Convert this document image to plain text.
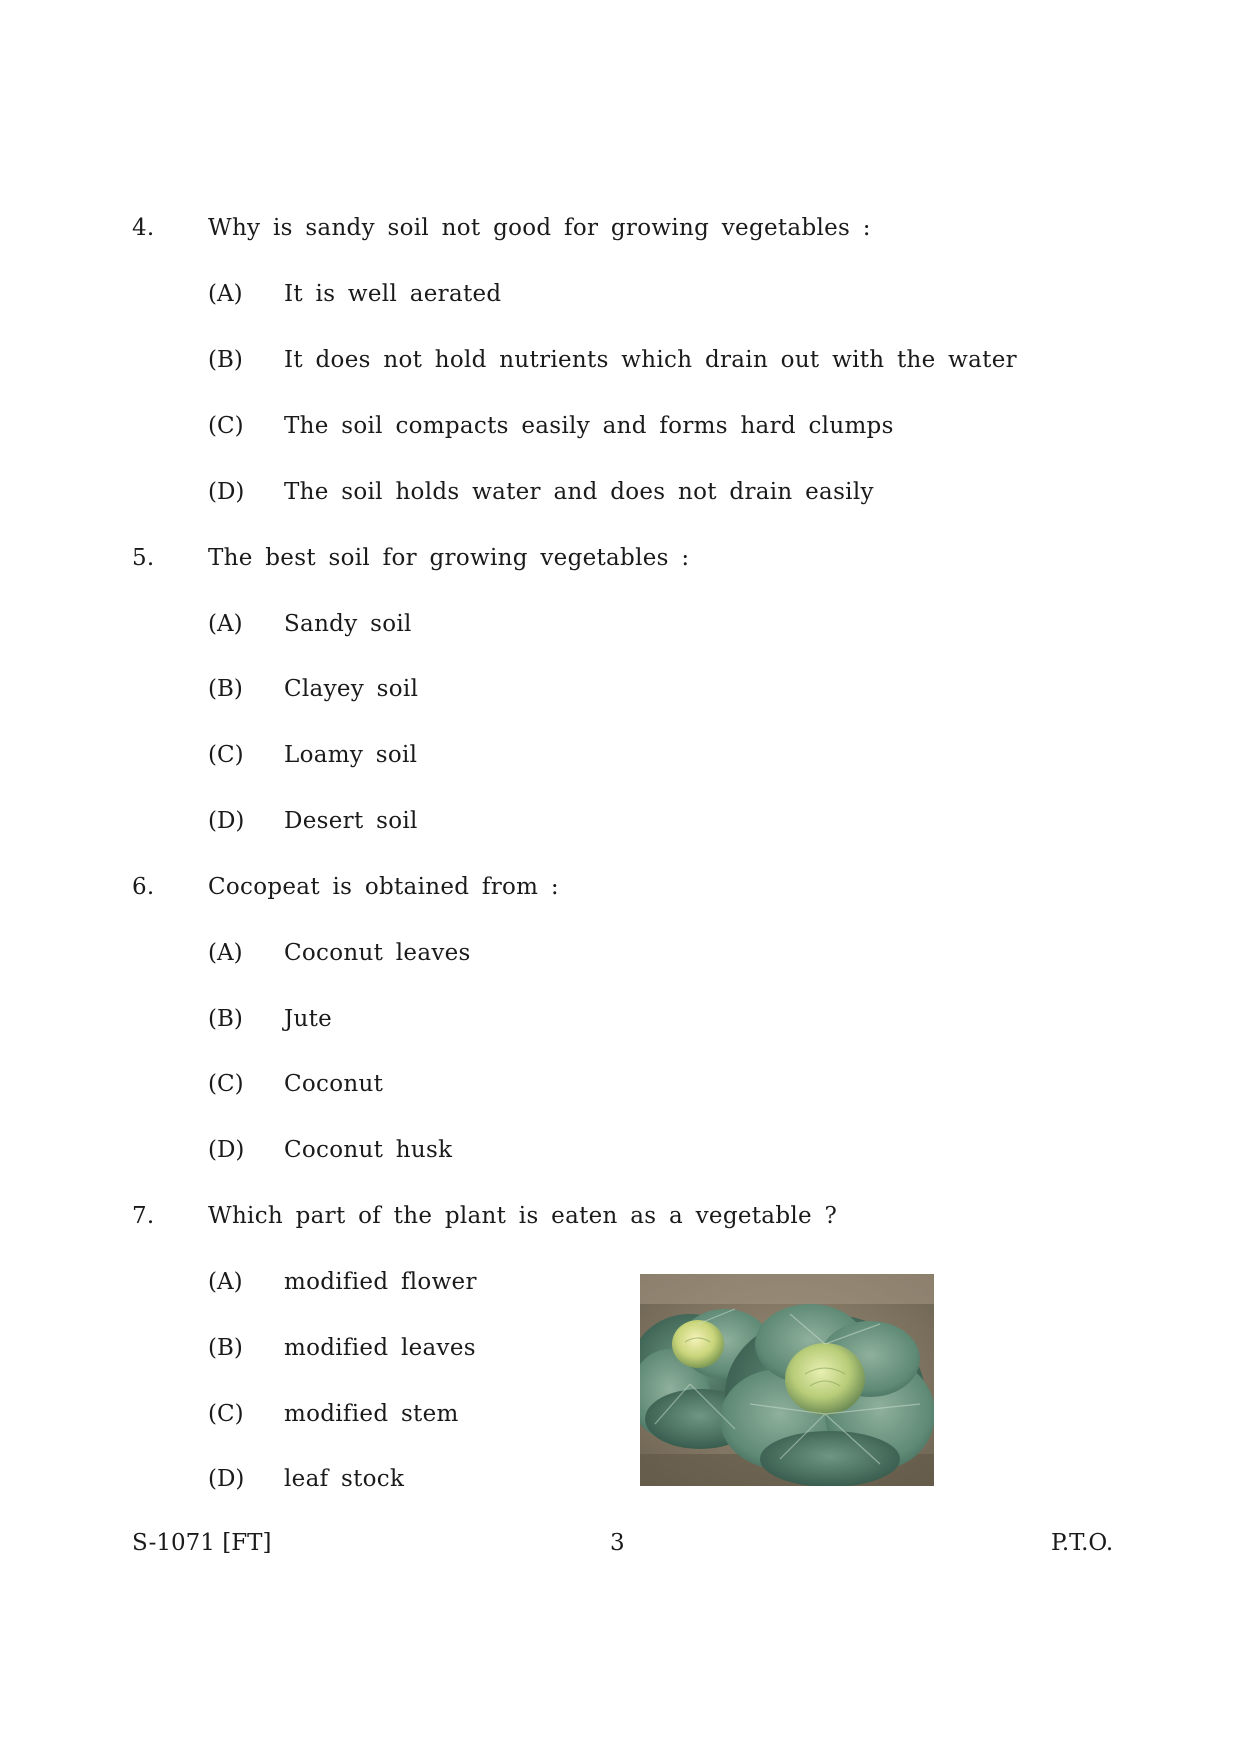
4. Why is sandy soil not good for growing vegetables :
(A) It is well aerated
(B) It does not hold nutrients which drain out with the water
(C) The soil compacts easily and forms hard clumps
(D) The soil holds water and does not drain easily
5. The best soil for growing vegetables :
(A) Sandy soil
(B) Clayey soil
(C) Loamy soil
(D) Desert soil
6. Cocopeat is obtained from :
(A) Coconut leaves
(B) Jute
(C) Coconut
(D) Coconut husk
7. Which part of the plant is eaten as a vegetable ?
(A) modified flower
(B) modified leaves
(C) modified stem
(D) leaf stock
S-1071 [FT]	3	P.T.O.
